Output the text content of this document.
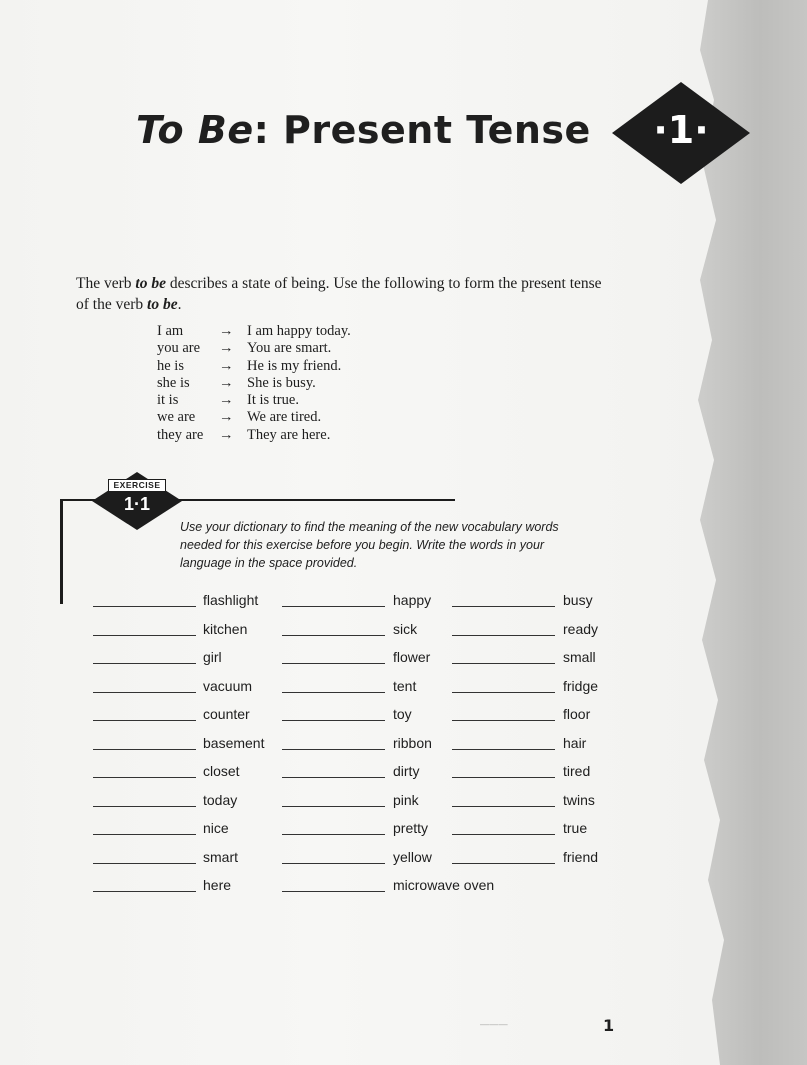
To Be: Present Tense	·1·

The verb to be describes a state of being. Use the following to form the present tense of the verb to be.

I am → I am happy today.
you are → You are smart.
he is → He is my friend.
she is → She is busy.
it is	→ It is true.
we are → We are tired.
they are → They are here.
EXERCISE
1·1
Use your dictionary to find the meaning of the new vocabulary words needed for this exercise before you begin. Write the words in your language in the space provided.
flashlight	happy	busy
kitchen	sick	ready
girl	flower	small
vacuum	tent	fridge
counter	toy	floor
basement	ribbon	hair
closet	dirty	tired
today	pink	twins
nice	pretty	true
smart	yellow	friend
here	microwave oven
———	1
